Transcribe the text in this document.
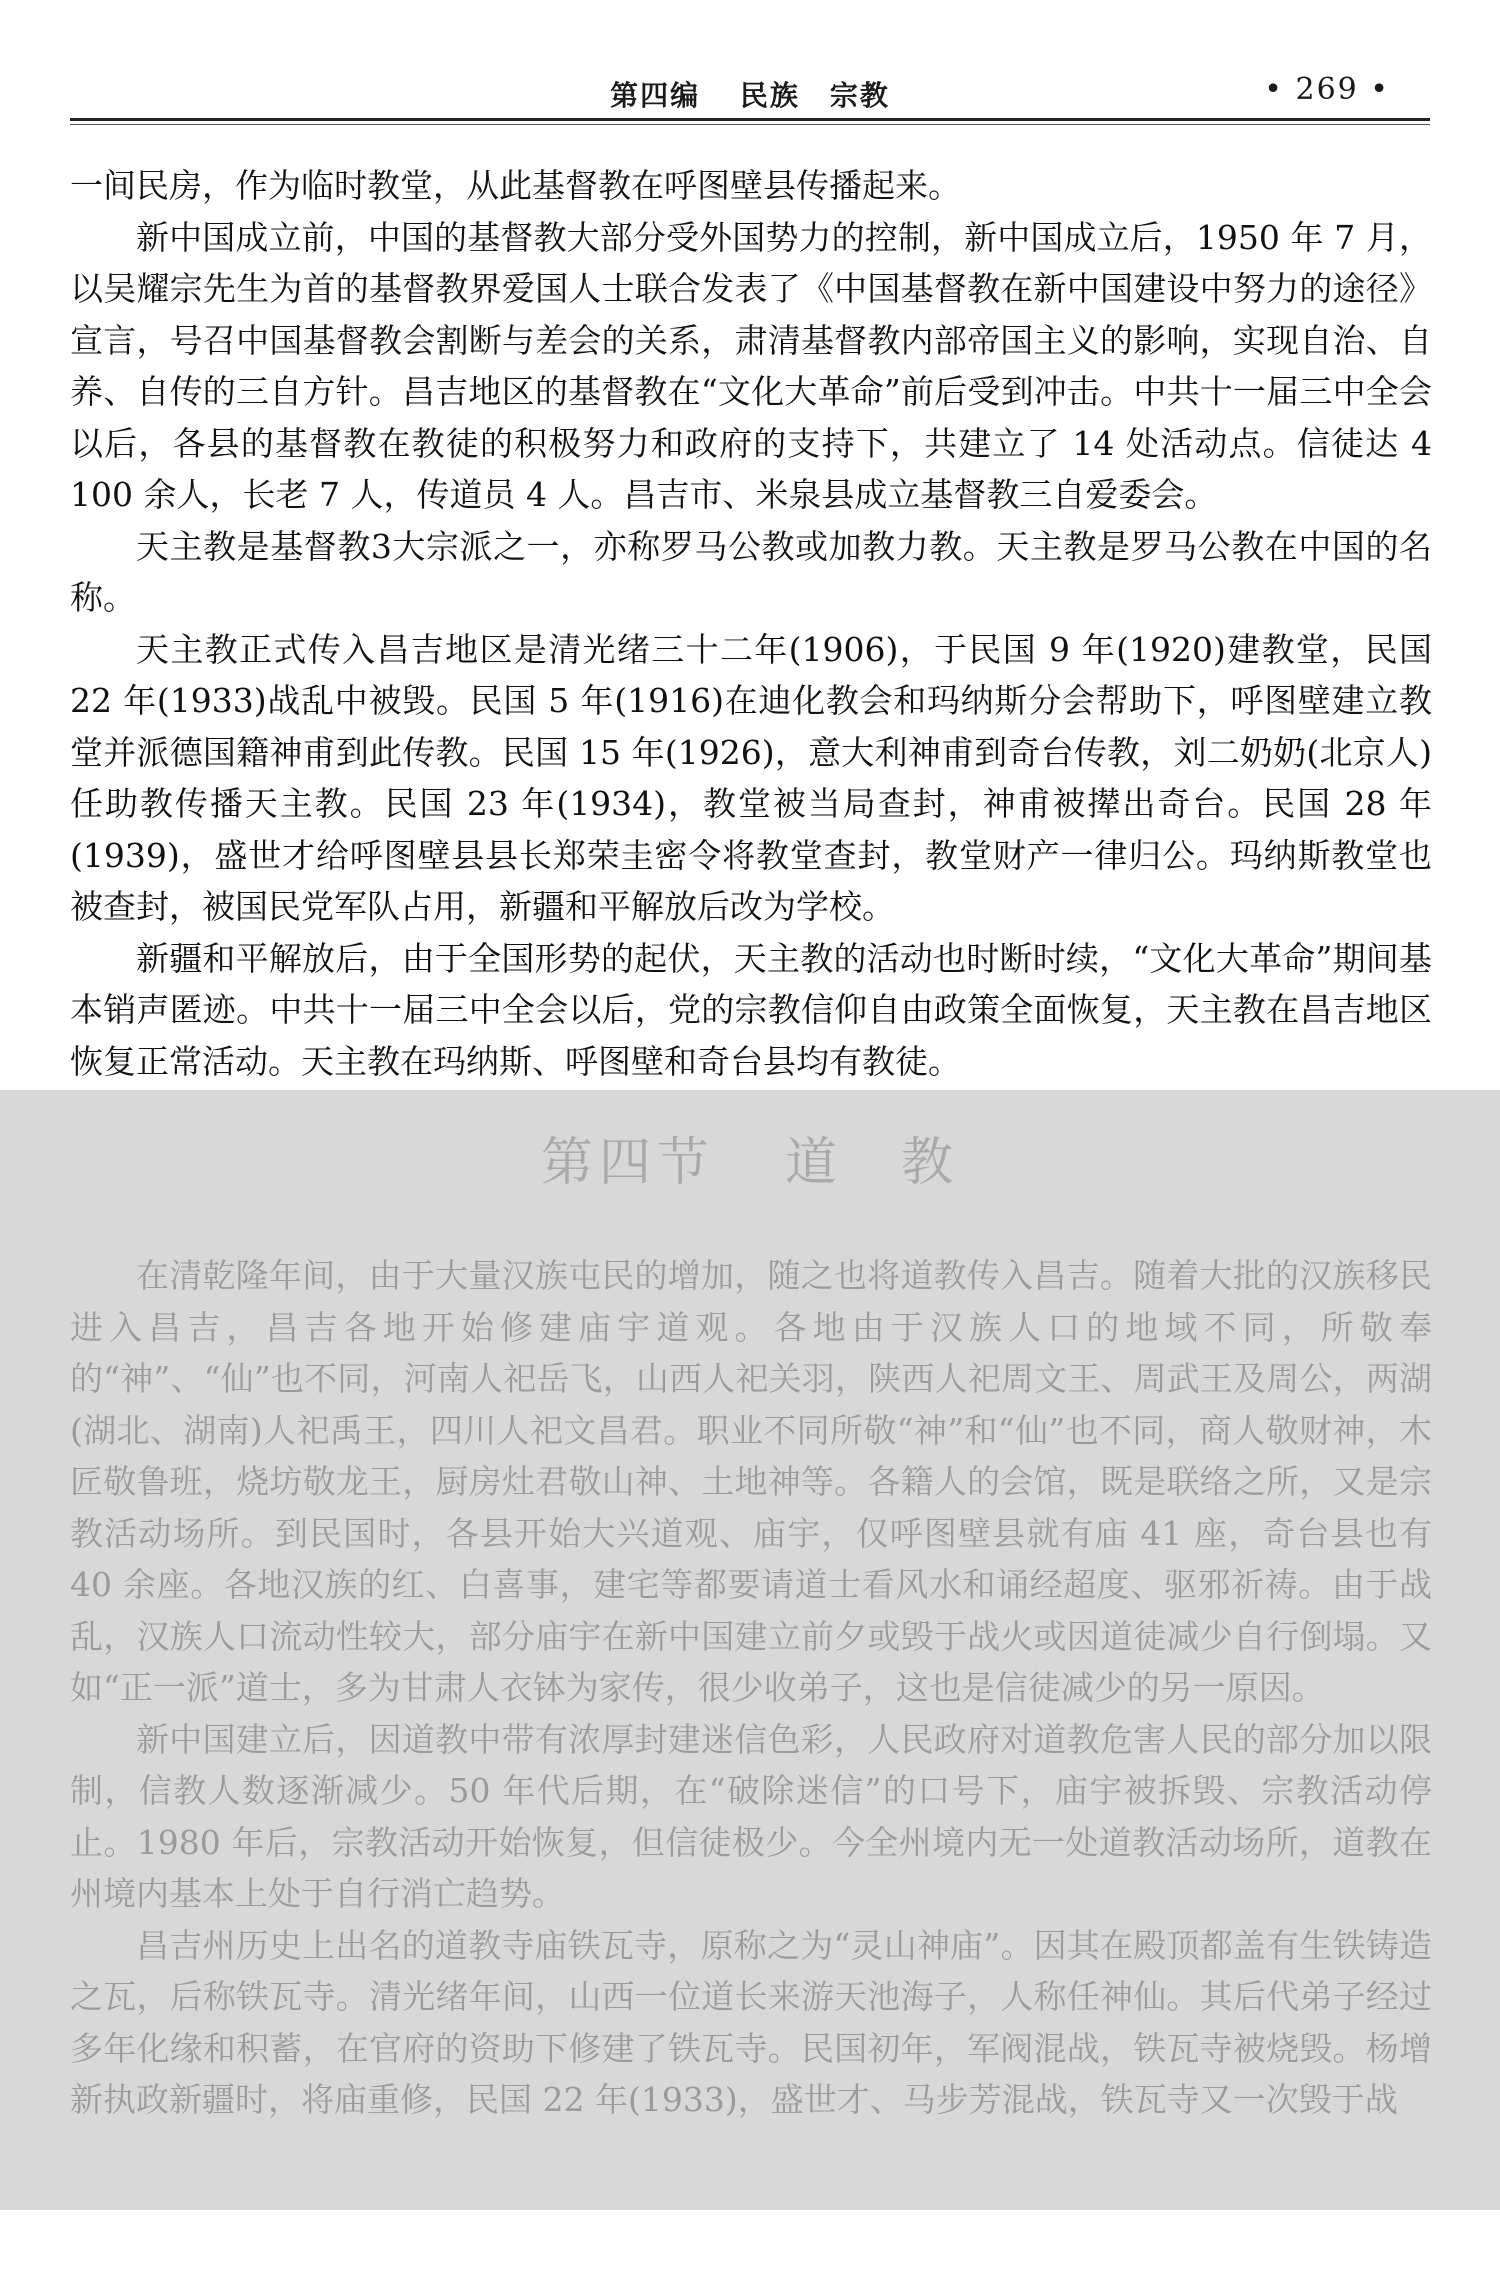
第四编 民族　宗教	• 269 •

一间民房，作为临时教堂，从此基督教在呼图壁县传播起来。

新中国成立前，中国的基督教大部分受外国势力的控制，新中国成立后，1950 年 7 月，以吴耀宗先生为首的基督教界爱国人士联合发表了《中国基督教在新中国建设中努力的途径》宣言，号召中国基督教会割断与差会的关系，肃清基督教内部帝国主义的影响，实现自治、自养、自传的三自方针。昌吉地区的基督教在“文化大革命”前后受到冲击。中共十一届三中全会以后，各县的基督教在教徒的积极努力和政府的支持下，共建立了 14 处活动点。信徒达 4 100 余人，长老 7 人，传道员 4 人。昌吉市、米泉县成立基督教三自爱委会。

天主教是基督教3大宗派之一，亦称罗马公教或加教力教。天主教是罗马公教在中国的名称。

天主教正式传入昌吉地区是清光绪三十二年(1906)，于民国 9 年(1920)建教堂，民国 22 年(1933)战乱中被毁。民国 5 年(1916)在迪化教会和玛纳斯分会帮助下，呼图壁建立教堂并派德国籍神甫到此传教。民国 15 年(1926)，意大利神甫到奇台传教，刘二奶奶(北京人)任助教传播天主教。民国 23 年(1934)，教堂被当局查封，神甫被撵出奇台。民国 28 年(1939)，盛世才给呼图壁县县长郑荣圭密令将教堂查封，教堂财产一律归公。玛纳斯教堂也被查封，被国民党军队占用，新疆和平解放后改为学校。

新疆和平解放后，由于全国形势的起伏，天主教的活动也时断时续，“文化大革命”期间基本销声匿迹。中共十一届三中全会以后，党的宗教信仰自由政策全面恢复，天主教在昌吉地区恢复正常活动。天主教在玛纳斯、呼图壁和奇台县均有教徒。

第四节 道　教

在清乾隆年间，由于大量汉族屯民的增加，随之也将道教传入昌吉。随着大批的汉族移民进入昌吉，昌吉各地开始修建庙宇道观。各地由于汉族人口的地域不同，所敬奉的“神”、“仙”也不同，河南人祀岳飞，山西人祀关羽，陕西人祀周文王、周武王及周公，两湖(湖北、湖南)人祀禹王，四川人祀文昌君。职业不同所敬“神”和“仙”也不同，商人敬财神，木匠敬鲁班，烧坊敬龙王，厨房灶君敬山神、土地神等。各籍人的会馆，既是联络之所，又是宗教活动场所。到民国时，各县开始大兴道观、庙宇，仅呼图壁县就有庙 41 座，奇台县也有 40 余座。各地汉族的红、白喜事，建宅等都要请道士看风水和诵经超度、驱邪祈祷。由于战乱，汉族人口流动性较大，部分庙宇在新中国建立前夕或毁于战火或因道徒减少自行倒塌。又如“正一派”道士，多为甘肃人衣钵为家传，很少收弟子，这也是信徒减少的另一原因。

新中国建立后，因道教中带有浓厚封建迷信色彩，人民政府对道教危害人民的部分加以限制，信教人数逐渐减少。50 年代后期，在“破除迷信”的口号下，庙宇被拆毁、宗教活动停止。1980 年后，宗教活动开始恢复，但信徒极少。今全州境内无一处道教活动场所，道教在州境内基本上处于自行消亡趋势。

昌吉州历史上出名的道教寺庙铁瓦寺，原称之为“灵山神庙”。因其在殿顶都盖有生铁铸造之瓦，后称铁瓦寺。清光绪年间，山西一位道长来游天池海子，人称任神仙。其后代弟子经过多年化缘和积蓄，在官府的资助下修建了铁瓦寺。民国初年，军阀混战，铁瓦寺被烧毁。杨增新执政新疆时，将庙重修，民国 22 年(1933)，盛世才、马步芳混战，铁瓦寺又一次毁于战
